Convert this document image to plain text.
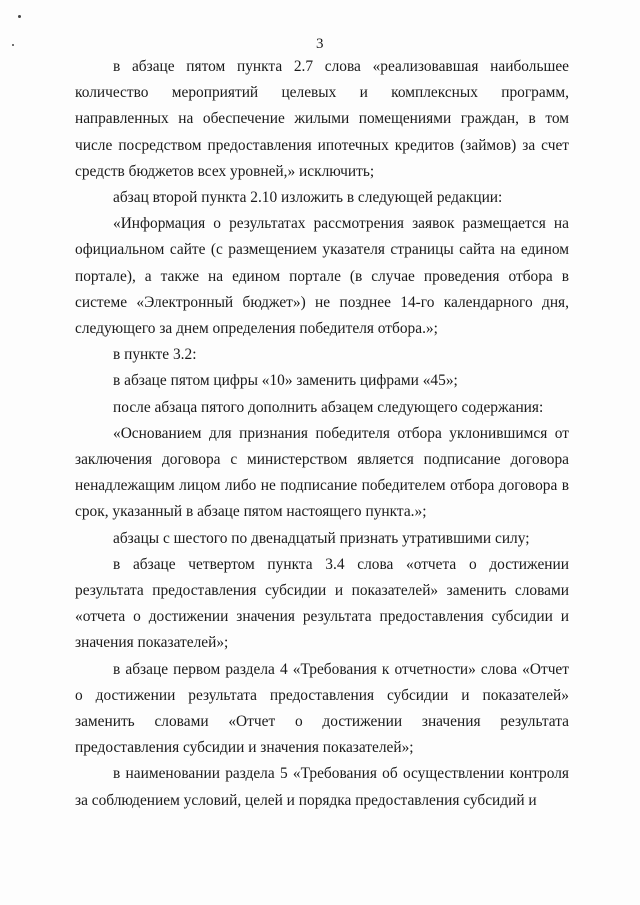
3

в абзаце пятом пункта 2.7 слова «реализовавшая наибольшее количество мероприятий целевых и комплексных программ, направленных на обеспечение жилыми помещениями граждан, в том числе посредством предоставления ипотечных кредитов (займов) за счет средств бюджетов всех уровней,» исключить;

абзац второй пункта 2.10 изложить в следующей редакции:

«Информация о результатах рассмотрения заявок размещается на официальном сайте (с размещением указателя страницы сайта на едином портале), а также на едином портале (в случае проведения отбора в системе «Электронный бюджет») не позднее 14-го календарного дня, следующего за днем определения победителя отбора.»;

в пункте 3.2:

в абзаце пятом цифры «10» заменить цифрами «45»;

после абзаца пятого дополнить абзацем следующего содержания:

«Основанием для признания победителя отбора уклонившимся от заключения договора с министерством является подписание договора ненадлежащим лицом либо не подписание победителем отбора договора в срок, указанный в абзаце пятом настоящего пункта.»;

абзацы с шестого по двенадцатый признать утратившими силу;

в абзаце четвертом пункта 3.4 слова «отчета о достижении результата предоставления субсидии и показателей» заменить словами «отчета о достижении значения результата предоставления субсидии и значения показателей»;

в абзаце первом раздела 4 «Требования к отчетности» слова «Отчет о достижении результата предоставления субсидии и показателей» заменить словами «Отчет о достижении значения результата предоставления субсидии и значения показателей»;

в наименовании раздела 5 «Требования об осуществлении контроля за соблюдением условий, целей и порядка предоставления субсидий и
